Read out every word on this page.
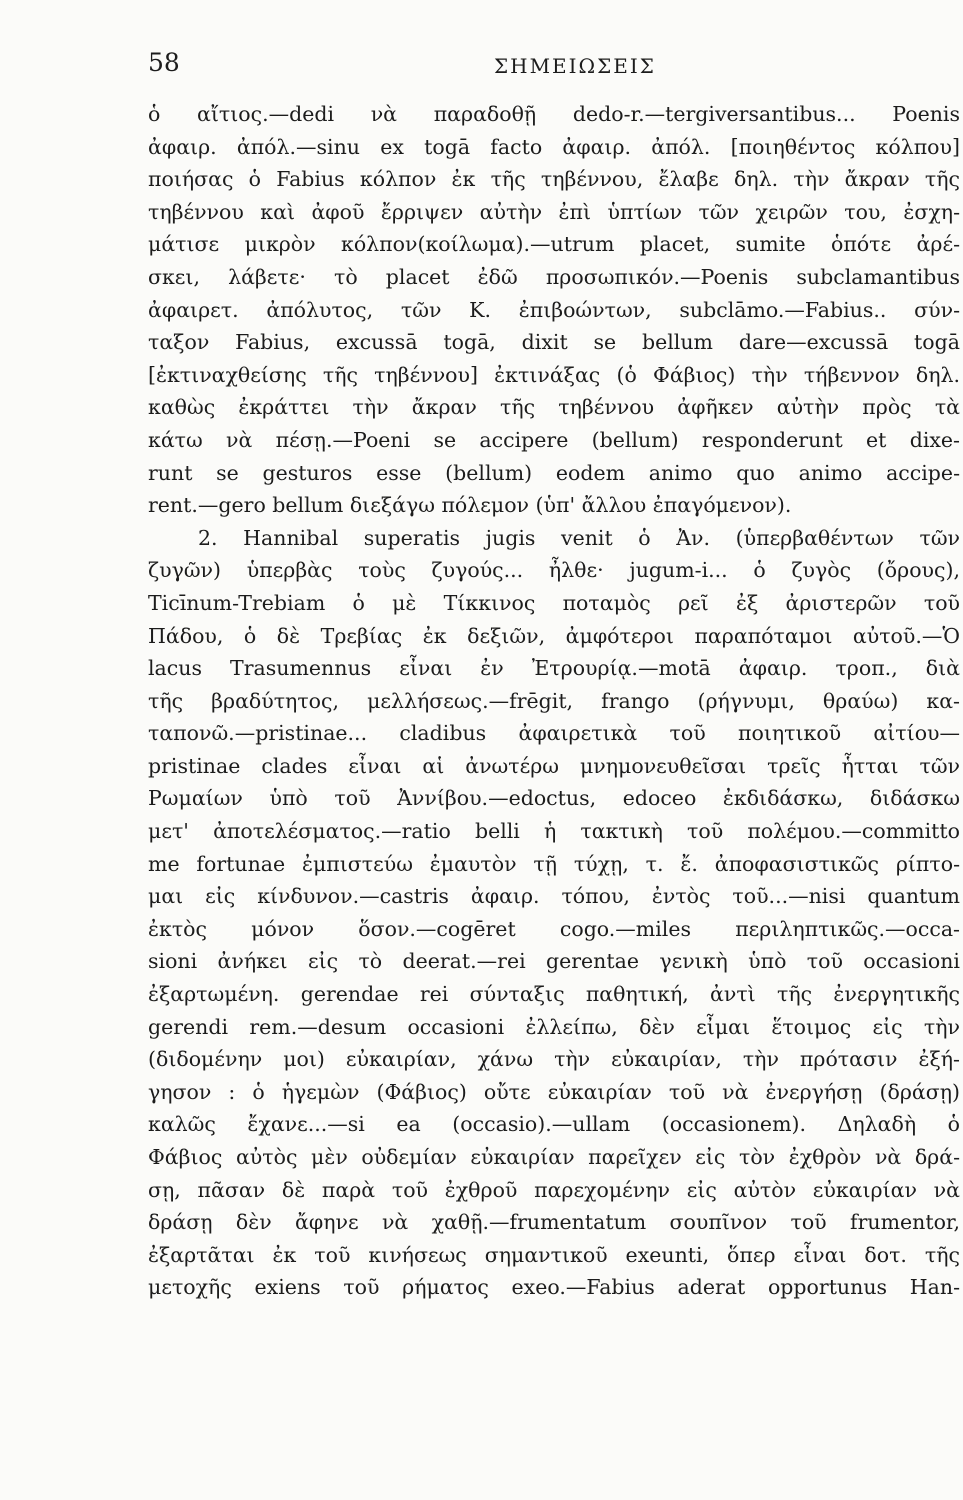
58	ΣΗΜΕΙΩΣΕΙΣ
ὁ αἴτιος.—dedi νὰ παραδοθῇ dedo-r.—tergiversantibus... Poenis
ἀφαιρ. ἀπόλ.—sinu ex togā facto ἀφαιρ. ἀπόλ. [ποιηθέντος κόλπου]
ποιήσας ὁ Fabius κόλπον ἐκ τῆς τηβέννου, ἔλαβε δηλ. τὴν ἄκραν τῆς
τηβέννου καὶ ἀφοῦ ἔρριψεν αὐτὴν ἐπὶ ὑπτίων τῶν χειρῶν του, ἐσχη-
μάτισε μικρὸν κόλπον(κοίλωμα).—utrum placet, sumite ὁπότε ἀρέ-
σκει, λάβετε· τὸ placet ἐδῶ προσωπικόν.—Poenis subclamantibus
ἀφαιρετ. ἀπόλυτος, τῶν Κ. ἐπιβοώντων, subclāmo.—Fabius.. σύν-
ταξον Fabius, excussā togā, dixit se bellum dare—excussā togā
[ἐκτιναχθείσης τῆς τηβέννου] ἐκτινάξας (ὁ Φάβιος) τὴν τήβεννον δηλ.
καθὼς ἐκράττει τὴν ἄκραν τῆς τηβέννου ἀφῆκεν αὐτὴν πρὸς τὰ
κάτω νὰ πέσῃ.—Poeni se accipere (bellum) responderunt et dixe-
runt se gesturos esse (bellum) eodem animo quo animo accipe-
rent.—gero bellum διεξάγω πόλεμον (ὑπ' ἄλλου ἐπαγόμενον).
2. Hannibal superatis jugis venit ὁ Ἀν. (ὑπερβαθέντων τῶν
ζυγῶν) ὑπερβὰς τοὺς ζυγούς... ἦλθε· jugum-i... ὁ ζυγὸς (ὄρους),
Ticīnum-Trebiam ὁ μὲ Τίκκινος ποταμὸς ρεῖ ἐξ ἀριστερῶν τοῦ
Πάδου, ὁ δὲ Τρεβίας ἐκ δεξιῶν, ἀμφότεροι παραπόταμοι αὐτοῦ.—Ὁ
lacus Trasumennus εἶναι ἐν Ἐτρουρίᾳ.—motā ἀφαιρ. τροπ., διὰ
τῆς βραδύτητος, μελλήσεως.—frēgit, frango (ρήγνυμι, θραύω) κα-
ταπονῶ.—pristinae... cladibus ἀφαιρετικὰ τοῦ ποιητικοῦ αἰτίου—
pristinae clades εἶναι αἱ ἀνωτέρω μνημονευθεῖσαι τρεῖς ἧτται τῶν
Ρωμαίων ὑπὸ τοῦ Ἀννίβου.—edoctus, edoceo ἐκδιδάσκω, διδάσκω
μετ' ἀποτελέσματος.—ratio belli ἡ τακτικὴ τοῦ πολέμου.—committo
me fortunae ἐμπιστεύω ἐμαυτὸν τῇ τύχῃ, τ. ἔ. ἀποφασιστικῶς ρίπτο-
μαι εἰς κίνδυνον.—castris ἀφαιρ. τόπου, ἐντὸς τοῦ...—nisi quantum
ἐκτὸς μόνον ὅσον.—cogēret cogo.—miles περιληπτικῶς.—occa-
sioni ἀνήκει εἰς τὸ deerat.—rei gerentae γενικὴ ὑπὸ τοῦ occasioni
ἐξαρτωμένη. gerendae rei σύνταξις παθητική, ἀντὶ τῆς ἐνεργητικῆς
gerendi rem.—desum occasioni ἐλλείπω, δὲν εἶμαι ἕτοιμος εἰς τὴν
(διδομένην μοι) εὐκαιρίαν, χάνω τὴν εὐκαιρίαν, τὴν πρότασιν ἐξή-
γησον : ὁ ἡγεμὼν (Φάβιος) οὔτε εὐκαιρίαν τοῦ νὰ ἐνεργήσῃ (δράσῃ)
καλῶς ἔχανε...—si ea (occasio).—ullam (occasionem). Δηλαδὴ ὁ
Φάβιος αὐτὸς μὲν οὐδεμίαν εὐκαιρίαν παρεῖχεν εἰς τὸν ἐχθρὸν νὰ δρά-
σῃ, πᾶσαν δὲ παρὰ τοῦ ἐχθροῦ παρεχομένην εἰς αὐτὸν εὐκαιρίαν νὰ
δράσῃ δὲν ἄφηνε νὰ χαθῇ.—frumentatum σουπῖνον τοῦ frumentor,
ἐξαρτᾶται ἐκ τοῦ κινήσεως σημαντικοῦ exeunti, ὅπερ εἶναι δοτ. τῆς
μετοχῆς exiens τοῦ ρήματος exeo.—Fabius aderat opportunus Han-
